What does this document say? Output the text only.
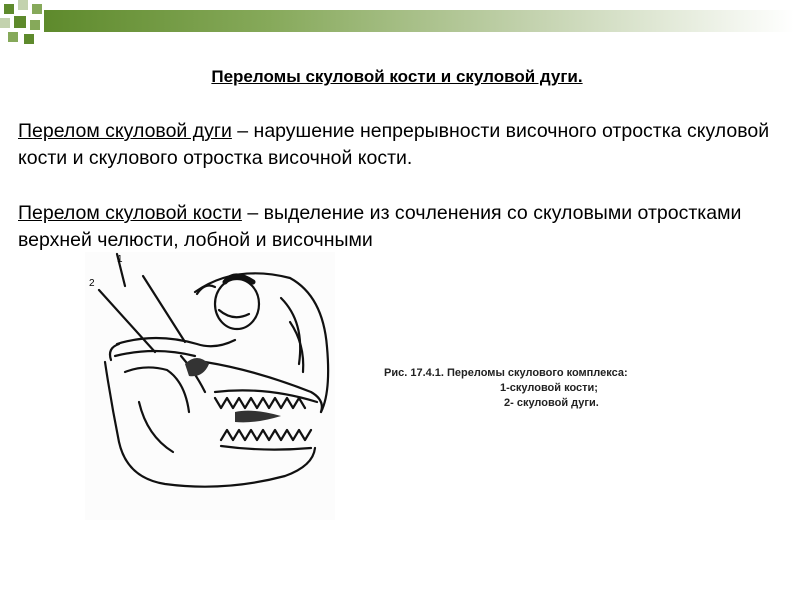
Переломы скуловой кости и скуловой дуги.
Перелом скуловой дуги – нарушение непрерывности височного отростка скуловой кости и скулового отростка височной кости.
Перелом скуловой кости – выделение из сочленения со скуловыми отростками верхней челюсти, лобной и височными
1
2
Рис. 17.4.1. Переломы скулового комплекса:
1-скуловой кости;
2- скуловой дуги.
